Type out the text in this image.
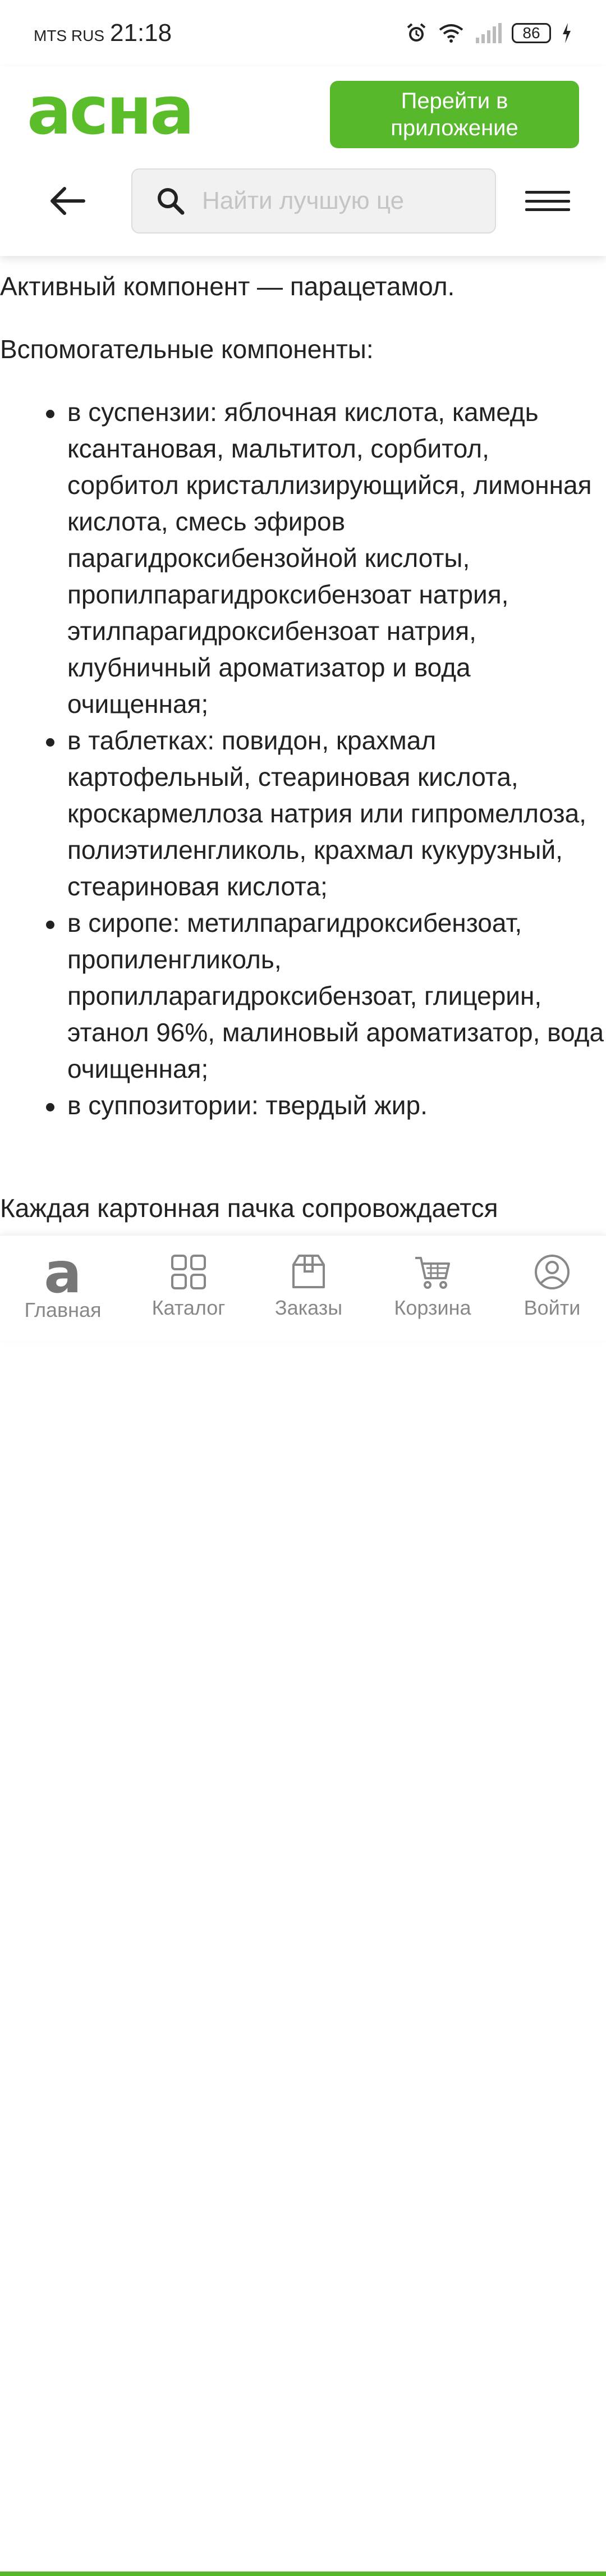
MTS RUS 21:18	86
асна	Перейти в приложение
Найти лучшую це

Активный компонент — парацетамол.

Вспомогательные компоненты:

в суспензии: яблочная кислота, камедь ксантановая, мальтитол, сорбитол, сорбитол кристаллизирующийся, лимонная кислота, смесь эфиров парагидроксибензойной кислоты, пропилпарагидроксибензоат натрия, этилпарагидроксибензоат натрия, клубничный ароматизатор и вода очищенная;
в таблетках: повидон, крахмал картофельный, стеариновая кислота, кроскармеллоза натрия или гипромеллоза, полиэтиленгликоль, крахмал кукурузный, стеариновая кислота;
в сиропе: метилпарагидроксибензоат, пропиленгликоль, пропилларагидроксибензоат, глицерин, этанол 96%, малиновый ароматизатор, вода очищенная;
в суппозитории: твердый жир.

Каждая картонная пачка сопровождается

а
Главная	Каталог Заказы	Корзина	Войти
